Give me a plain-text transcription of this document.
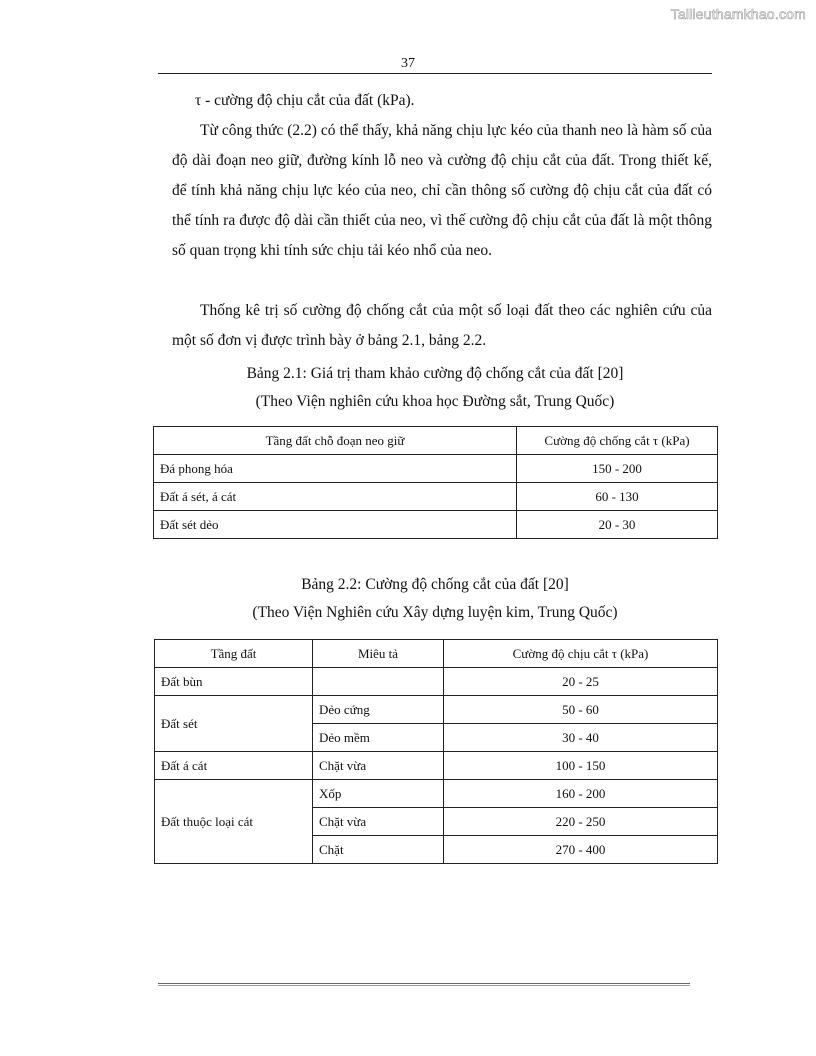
Tailieuthamkhao.com
37
τ - cường độ chịu cắt của đất (kPa).
Từ công thức (2.2) có thể thấy, khả năng chịu lực kéo của thanh neo là hàm số của độ dài đoạn neo giữ, đường kính lỗ neo và cường độ chịu cắt của đất. Trong thiết kế, để tính khả năng chịu lực kéo của neo, chỉ cần thông số cường độ chịu cắt của đất có thể tính ra được độ dài cần thiết của neo, vì thế cường độ chịu cắt của đất là một thông số quan trọng khi tính sức chịu tải kéo nhổ của neo.
Thống kê trị số cường độ chống cắt của một số loại đất theo các nghiên cứu của một số đơn vị được trình bày ở bảng 2.1, bảng 2.2.
Bảng 2.1: Giá trị tham khảo cường độ chống cắt của đất [20]
(Theo Viện nghiên cứu khoa học Đường sắt, Trung Quốc)
Tầng đất chỗ đoạn neo giữ	Cường độ chống cắt τ (kPa)
Đá phong hóa	150 - 200
Đất á sét, á cát	60 - 130
Đất sét dẻo	20 - 30
Bảng 2.2: Cường độ chống cắt của đất [20]
(Theo Viện Nghiên cứu Xây dựng luyện kim, Trung Quốc)
Tầng đất	Miêu tả	Cường độ chịu cắt τ (kPa)
Đất bùn		20 - 25
Đất sét	Dẻo cứng	50 - 60
	Dẻo mềm	30 - 40
Đất á cát	Chặt vừa	100 - 150
Đất thuộc loại cát	Xốp	160 - 200
	Chặt vừa	220 - 250
	Chặt	270 - 400
